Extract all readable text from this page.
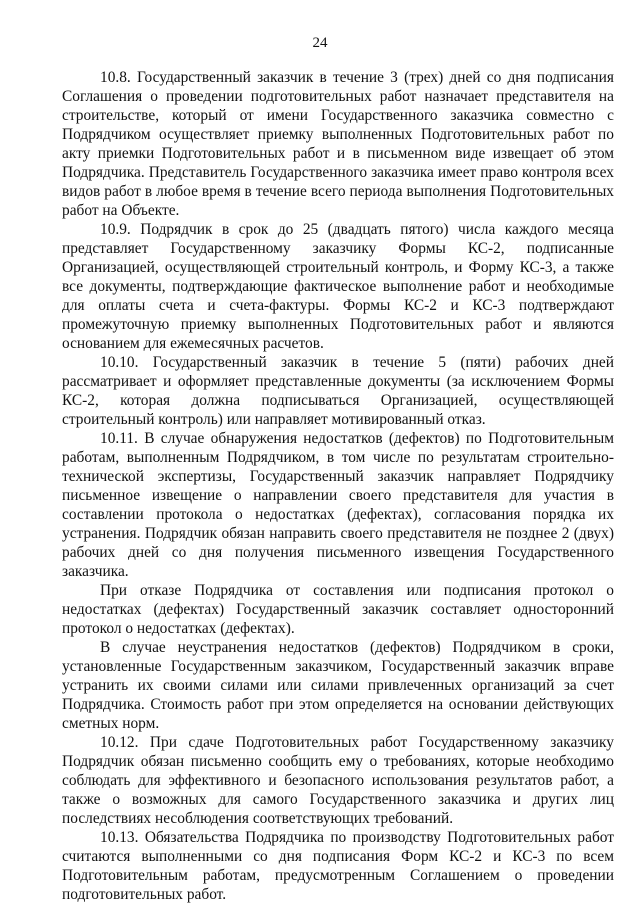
24

10.8. Государственный заказчик в течение 3 (трех) дней со дня подписания Соглашения о проведении подготовительных работ назначает представителя на строительстве, который от имени Государственного заказчика совместно с Подрядчиком осуществляет приемку выполненных Подготовительных работ по акту приемки Подготовительных работ и в письменном виде извещает об этом Подрядчика. Представитель Государственного заказчика имеет право контроля всех видов работ в любое время в течение всего периода выполнения Подготовительных работ на Объекте.

10.9. Подрядчик в срок до 25 (двадцать пятого) числа каждого месяца представляет Государственному заказчику Формы КС-2, подписанные Организацией, осуществляющей строительный контроль, и Форму КС-3, а также все документы, подтверждающие фактическое выполнение работ и необходимые для оплаты счета и счета-фактуры. Формы КС-2 и КС-3 подтверждают промежуточную приемку выполненных Подготовительных работ и являются основанием для ежемесячных расчетов.

10.10. Государственный заказчик в течение 5 (пяти) рабочих дней рассматривает и оформляет представленные документы (за исключением Формы КС-2, которая должна подписываться Организацией, осуществляющей строительный контроль) или направляет мотивированный отказ.

10.11. В случае обнаружения недостатков (дефектов) по Подготовительным работам, выполненным Подрядчиком, в том числе по результатам строительно-технической экспертизы, Государственный заказчик направляет Подрядчику письменное извещение о направлении своего представителя для участия в составлении протокола о недостатках (дефектах), согласования порядка их устранения. Подрядчик обязан направить своего представителя не позднее 2 (двух) рабочих дней со дня получения письменного извещения Государственного заказчика.

При отказе Подрядчика от составления или подписания протокол о недостатках (дефектах) Государственный заказчик составляет односторонний протокол о недостатках (дефектах).

В случае неустранения недостатков (дефектов) Подрядчиком в сроки, установленные Государственным заказчиком, Государственный заказчик вправе устранить их своими силами или силами привлеченных организаций за счет Подрядчика. Стоимость работ при этом определяется на основании действующих сметных норм.

10.12. При сдаче Подготовительных работ Государственному заказчику Подрядчик обязан письменно сообщить ему о требованиях, которые необходимо соблюдать для эффективного и безопасного использования результатов работ, а также о возможных для самого Государственного заказчика и других лиц последствиях несоблюдения соответствующих требований.

10.13. Обязательства Подрядчика по производству Подготовительных работ считаются выполненными со дня подписания Форм КС-2 и КС-3 по всем Подготовительным работам, предусмотренным Соглашением о проведении подготовительных работ.
